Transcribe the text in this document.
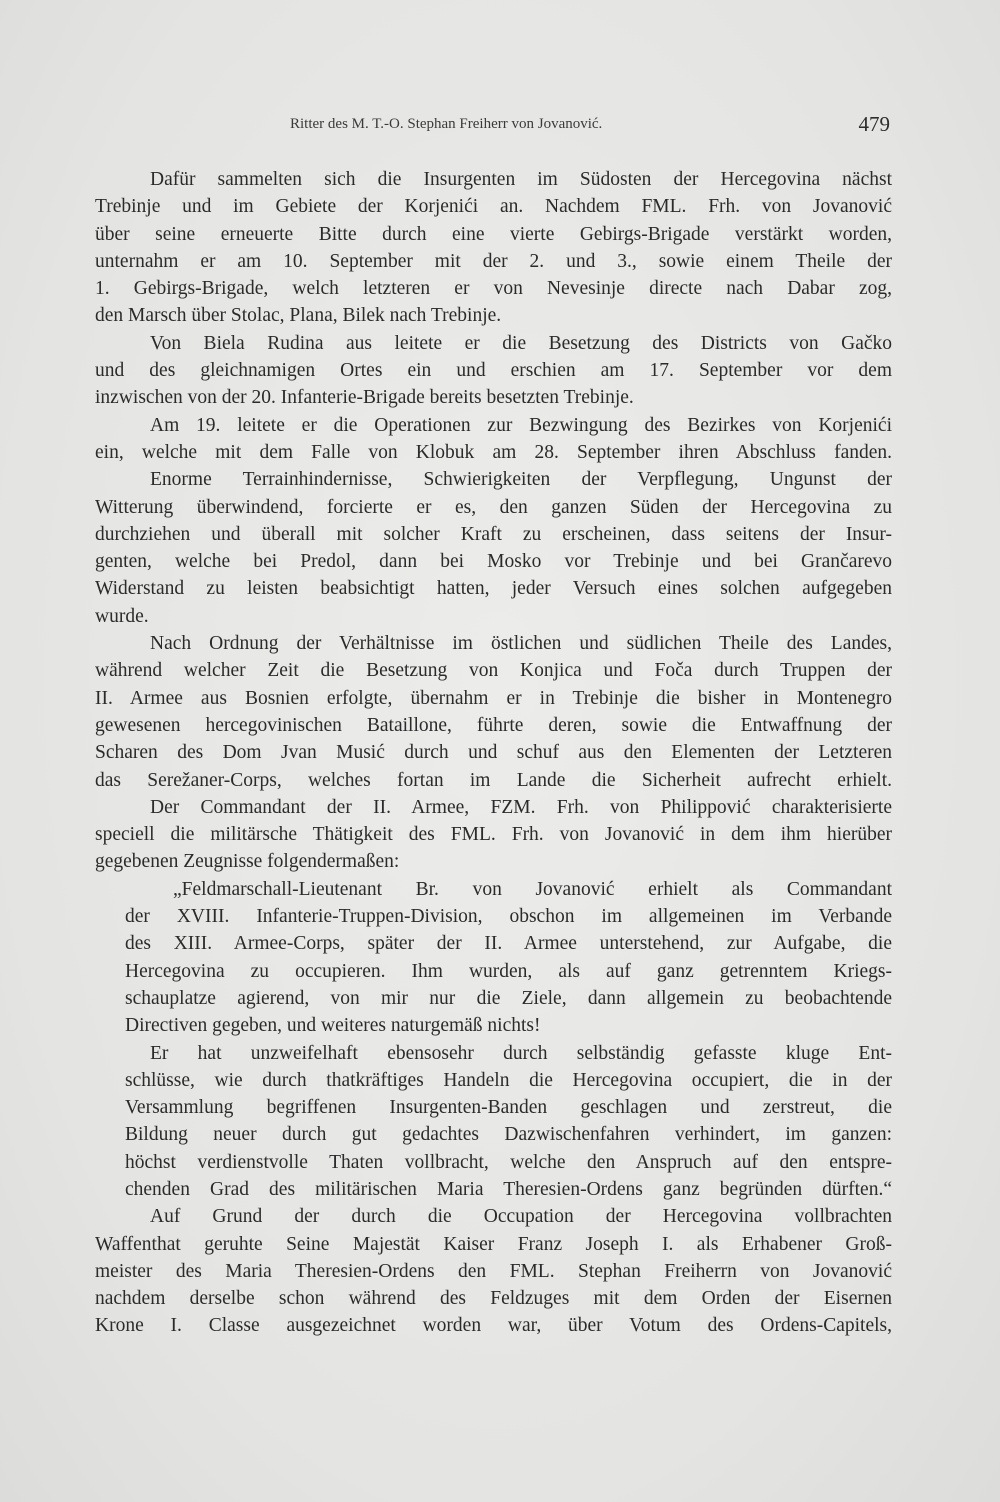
Ritter des M. T.-O. Stephan Freiherr von Jovanović.	479
Dafür sammelten sich die Insurgenten im Südosten der Hercegovina nächst
Trebinje und im Gebiete der Korjenići an. Nachdem FML. Frh. von Jovanović
über seine erneuerte Bitte durch eine vierte Gebirgs-Brigade verstärkt worden,
unternahm er am 10. September mit der 2. und 3., sowie einem Theile der
1. Gebirgs-Brigade, welch letzteren er von Nevesinje directe nach Dabar zog,
den Marsch über Stolac, Plana, Bilek nach Trebinje.
Von Biela Rudina aus leitete er die Besetzung des Districts von Gačko
und des gleichnamigen Ortes ein und erschien am 17. September vor dem
inzwischen von der 20. Infanterie-Brigade bereits besetzten Trebinje.
Am 19. leitete er die Operationen zur Bezwingung des Bezirkes von Korjenići
ein, welche mit dem Falle von Klobuk am 28. September ihren Abschluss fanden.
Enorme Terrainhindernisse, Schwierigkeiten der Verpflegung, Ungunst der
Witterung überwindend, forcierte er es, den ganzen Süden der Hercegovina zu
durchziehen und überall mit solcher Kraft zu erscheinen, dass seitens der Insur-
genten, welche bei Predol, dann bei Mosko vor Trebinje und bei Grančarevo
Widerstand zu leisten beabsichtigt hatten, jeder Versuch eines solchen aufgegeben
wurde.
Nach Ordnung der Verhältnisse im östlichen und südlichen Theile des Landes,
während welcher Zeit die Besetzung von Konjica und Foča durch Truppen der
II. Armee aus Bosnien erfolgte, übernahm er in Trebinje die bisher in Montenegro
gewesenen hercegovinischen Bataillone, führte deren, sowie die Entwaffnung der
Scharen des Dom Jvan Musić durch und schuf aus den Elementen der Letzteren
das Serežaner-Corps, welches fortan im Lande die Sicherheit aufrecht erhielt.
Der Commandant der II. Armee, FZM. Frh. von Philippović charakterisierte
speciell die militärsche Thätigkeit des FML. Frh. von Jovanović in dem ihm hierüber
gegebenen Zeugnisse folgendermaßen:
„Feldmarschall-Lieutenant Br. von Jovanović erhielt als Commandant
der XVIII. Infanterie-Truppen-Division, obschon im allgemeinen im Verbande
des XIII. Armee-Corps, später der II. Armee unterstehend, zur Aufgabe, die
Hercegovina zu occupieren. Ihm wurden, als auf ganz getrenntem Kriegs-
schauplatze agierend, von mir nur die Ziele, dann allgemein zu beobachtende
Directiven gegeben, und weiteres naturgemäß nichts!
Er hat unzweifelhaft ebensosehr durch selbständig gefasste kluge Ent-
schlüsse, wie durch thatkräftiges Handeln die Hercegovina occupiert, die in der
Versammlung begriffenen Insurgenten-Banden geschlagen und zerstreut, die
Bildung neuer durch gut gedachtes Dazwischenfahren verhindert, im ganzen:
höchst verdienstvolle Thaten vollbracht, welche den Anspruch auf den entspre-
chenden Grad des militärischen Maria Theresien-Ordens ganz begründen dürften.“
Auf Grund der durch die Occupation der Hercegovina vollbrachten
Waffenthat geruhte Seine Majestät Kaiser Franz Joseph I. als Erhabener Groß-
meister des Maria Theresien-Ordens den FML. Stephan Freiherrn von Jovanović
nachdem derselbe schon während des Feldzuges mit dem Orden der Eisernen
Krone I. Classe ausgezeichnet worden war, über Votum des Ordens-Capitels,
